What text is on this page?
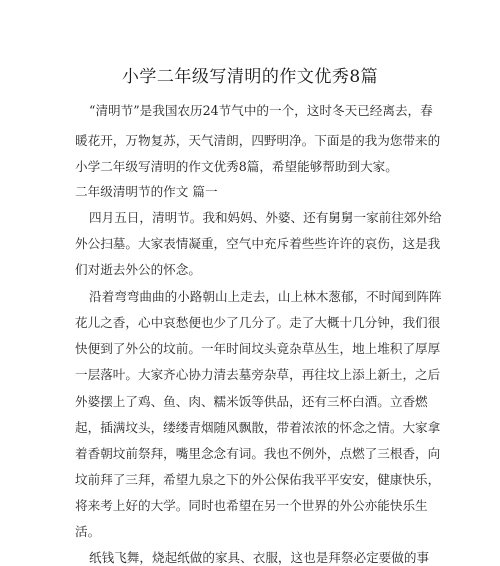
小学二年级写清明的作文优秀8篇
“清明节”是我国农历24节气中的一个，这时冬天已经离去，春
暖花开，万物复苏，天气清朗，四野明净。下面是的我为您带来的
小学二年级写清明的作文优秀8篇，希望能够帮助到大家。
二年级清明节的作文 篇一
四月五日，清明节。我和妈妈、外婆、还有舅舅一家前往郊外给
外公扫墓。大家表情凝重，空气中充斥着些些许许的哀伤，这是我
们对逝去外公的怀念。
沿着弯弯曲曲的小路朝山上走去，山上林木葱郁，不时闻到阵阵
花儿之香，心中哀愁便也少了几分了。走了大概十几分钟，我们很
快便到了外公的坟前。一年时间坟头竟杂草丛生，地上堆积了厚厚
一层落叶。大家齐心协力清去墓旁杂草，再往坟上添上新土，之后
外婆摆上了鸡、鱼、肉、糯米饭等供品，还有三杯白酒。立香燃
起，插满坟头，缕缕青烟随风飘散，带着浓浓的怀念之情。大家拿
着香朝坟前祭拜，嘴里念念有词。我也不例外，点燃了三根香，向
坟前拜了三拜，希望九泉之下的外公保佑我平平安安，健康快乐，
将来考上好的大学。同时也希望在另一个世界的外公亦能快乐生
活。
纸钱飞舞，烧起纸做的家具、衣服，这也是拜祭必定要做的事
